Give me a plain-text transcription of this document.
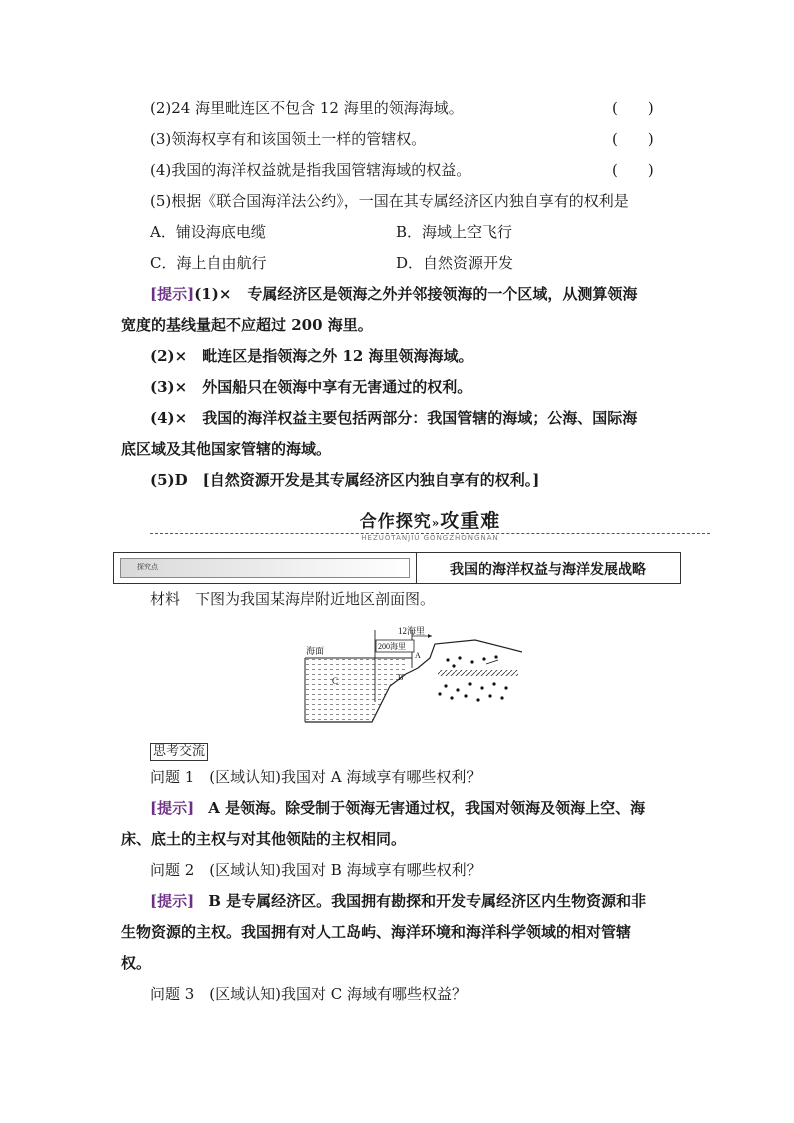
(2)24 海里毗连区不包含 12 海里的领海海域。	(　　)
(3)领海权享有和该国领土一样的管辖权。	(　　)
(4)我国的海洋权益就是指我国管辖海域的权益。	(　　)
(5)根据《联合国海洋法公约》，一国在其专属经济区内独自享有的权利是
A．铺设海底电缆	B．海域上空飞行
C．海上自由航行	D．自然资源开发
[提示](1)× 专属经济区是领海之外并邻接领海的一个区域，从测算领海
宽度的基线量起不应超过 200 海里。
(2)×　毗连区是指领海之外 12 海里领海海域。
(3)×　外国船只在领海中享有无害通过的权利。
(4)×　我国的海洋权益主要包括两部分：我国管辖的海域；公海、国际海
底区域及其他国家管辖的海域。
(5)D　[自然资源开发是其专属经济区内独自享有的权利。]
合作探究»攻重难
HEZUOTANJIU GONGZHONGNAN
探究点	我国的海洋权益与海洋发展战略
材料　下图为我国某海岸附近地区剖面图。
12海里
200海里
海面	A
B
C
思考交流
问题 1　(区域认知)我国对 A 海域享有哪些权利？
[提示] A 是领海。除受制于领海无害通过权，我国对领海及领海上空、海
床、底土的主权与对其他领陆的主权相同。
问题 2　(区域认知)我国对 B 海域享有哪些权利？
[提示] B 是专属经济区。我国拥有勘探和开发专属经济区内生物资源和非
生物资源的主权。我国拥有对人工岛屿、海洋环境和海洋科学领域的相对管辖
权。
问题 3　(区域认知)我国对 C 海域有哪些权益？
